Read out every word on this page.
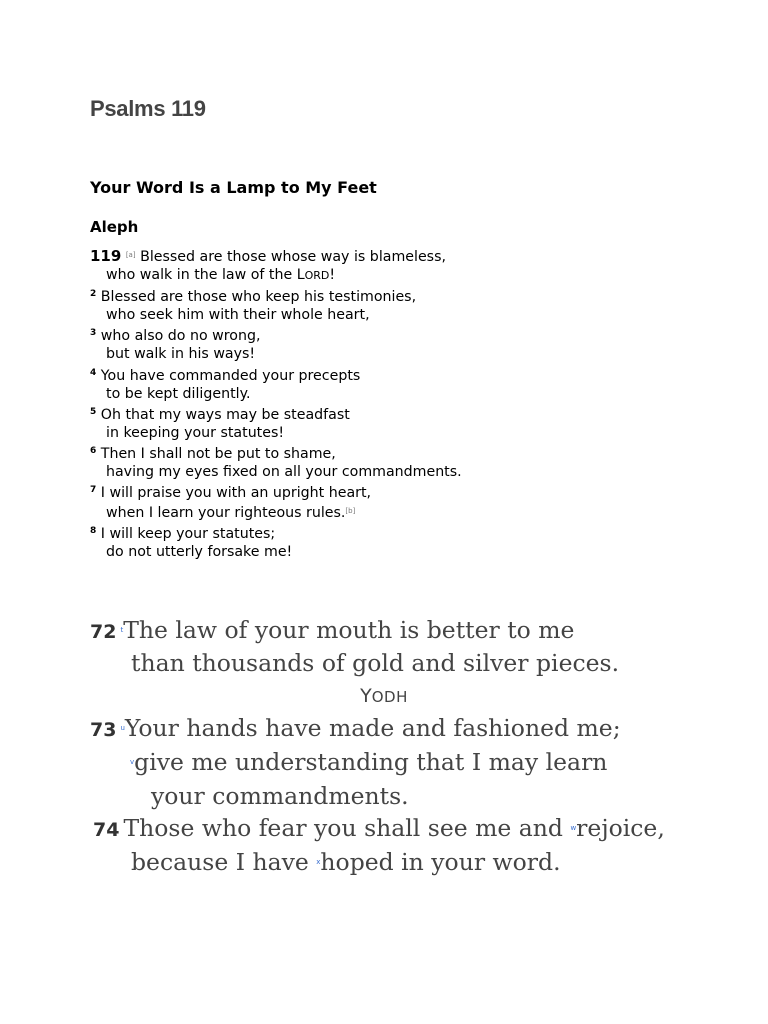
Psalms 119
Your Word Is a Lamp to My Feet
Aleph
119 [a] Blessed are those whose way is blameless,
who walk in the law of the LORD!
$^2$ Blessed are those who keep his testimonies,
who seek him with their whole heart,
$^3$ who also do no wrong,
but walk in his ways!
$^4$ You have commanded your precepts
to be kept diligently.
$^5$ Oh that my ways may be steadfast
in keeping your statutes!
$^6$ Then I shall not be put to shame,
having my eyes fixed on all your commandments.
$^7$ I will praise you with an upright heart,
when I learn your righteous rules.[b]
$^8$ I will keep your statutes;
do not utterly forsake me!
72 $^t$The law of your mouth is better to me
than thousands of gold and silver pieces.
YODH
73 $^u$Your hands have made and fashioned me;
$^v$give me understanding that I may learn
your commandments.
74 Those who fear you shall see me and $^w$rejoice,
because I have $^x$hoped in your word.
